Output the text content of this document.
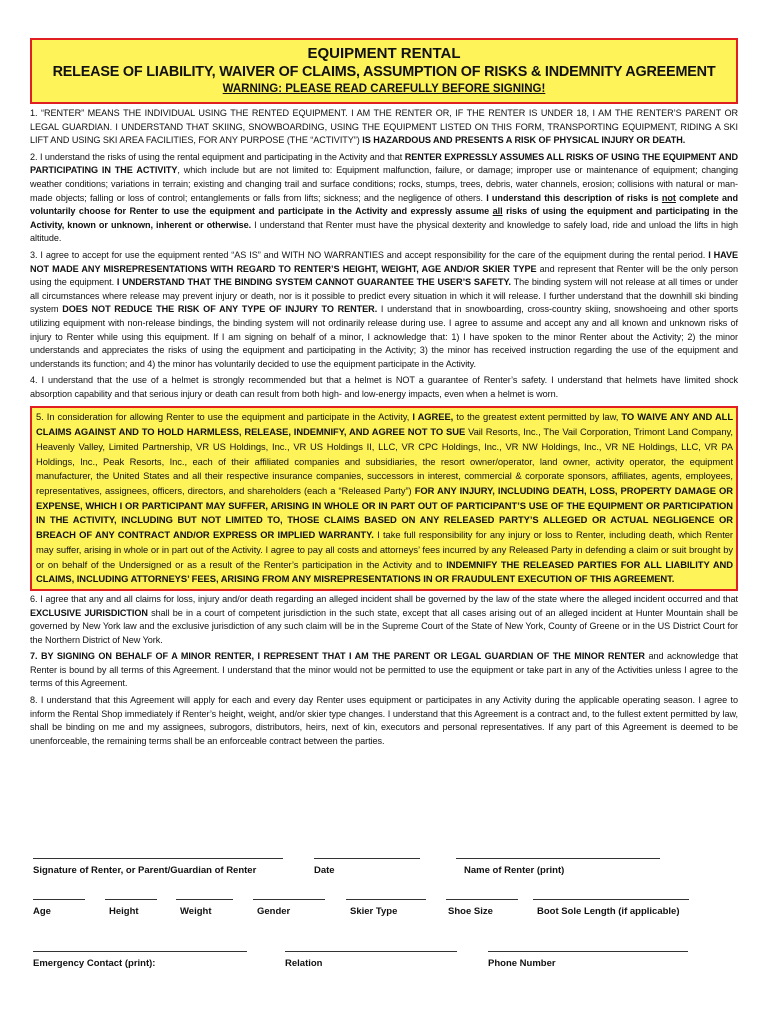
EQUIPMENT RENTAL
RELEASE OF LIABILITY, WAIVER OF CLAIMS, ASSUMPTION OF RISKS & INDEMNITY AGREEMENT
WARNING: PLEASE READ CAREFULLY BEFORE SIGNING!

1. “RENTER” MEANS THE INDIVIDUAL USING THE RENTED EQUIPMENT. I AM THE RENTER OR, IF THE RENTER IS UNDER 18, I AM THE RENTER’S PARENT OR LEGAL GUARDIAN. I UNDERSTAND THAT SKIING, SNOWBOARDING, USING THE EQUIPMENT LISTED ON THIS FORM, TRANSPORTING EQUIPMENT, RIDING A SKI LIFT AND USING SKI AREA FACILITIES, FOR ANY PURPOSE (THE “ACTIVITY”) IS HAZARDOUS AND PRESENTS A RISK OF PHYSICAL INJURY OR DEATH.

2. I understand the risks of using the rental equipment and participating in the Activity and that RENTER EXPRESSLY ASSUMES ALL RISKS OF USING THE EQUIPMENT AND PARTICIPATING IN THE ACTIVITY, which include but are not limited to: Equipment malfunction, failure, or damage; improper use or maintenance of equipment; changing weather conditions; variations in terrain; existing and changing trail and surface conditions; rocks, stumps, trees, debris, water channels, erosion; collisions with natural or man-made objects; falling or loss of control; entanglements or falls from lifts; sickness; and the negligence of others. I understand this description of risks is not complete and voluntarily choose for Renter to use the equipment and participate in the Activity and expressly assume all risks of using the equipment and participating in the Activity, known or unknown, inherent or otherwise. I understand that Renter must have the physical dexterity and knowledge to safely load, ride and unload the lifts in high altitude.

3. I agree to accept for use the equipment rented “AS IS” and WITH NO WARRANTIES and accept responsibility for the care of the equipment during the rental period. I HAVE NOT MADE ANY MISREPRESENTATIONS WITH REGARD TO RENTER’S HEIGHT, WEIGHT, AGE AND/OR SKIER TYPE and represent that Renter will be the only person using the equipment. I UNDERSTAND THAT THE BINDING SYSTEM CANNOT GUARANTEE THE USER’S SAFETY. The binding system will not release at all times or under all circumstances where release may prevent injury or death, nor is it possible to predict every situation in which it will release. I further understand that the downhill ski binding system DOES NOT REDUCE THE RISK OF ANY TYPE OF INJURY TO RENTER. I understand that in snowboarding, cross-country skiing, snowshoeing and other sports utilizing equipment with non-release bindings, the binding system will not ordinarily release during use. I agree to assume and accept any and all known and unknown risks of injury to Renter while using this equipment. If I am signing on behalf of a minor, I acknowledge that: 1) I have spoken to the minor Renter about the Activity; 2) the minor understands and appreciates the risks of using the equipment and participating in the Activity; 3) the minor has received instruction regarding the use of the equipment and understands its function; and 4) the minor has voluntarily decided to use the equipment participate in the Activity.

4. I understand that the use of a helmet is strongly recommended but that a helmet is NOT a guarantee of Renter’s safety. I understand that helmets have limited shock absorption capability and that serious injury or death can result from both high- and low-energy impacts, even when a helmet is worn.

5. In consideration for allowing Renter to use the equipment and participate in the Activity, I AGREE, to the greatest extent permitted by law, TO WAIVE ANY AND ALL CLAIMS AGAINST AND TO HOLD HARMLESS, RELEASE, INDEMNIFY, AND AGREE NOT TO SUE Vail Resorts, Inc., The Vail Corporation, Trimont Land Company, Heavenly Valley, Limited Partnership, VR US Holdings, Inc., VR US Holdings II, LLC, VR CPC Holdings, Inc., VR NW Holdings, Inc., VR NE Holdings, LLC, VR PA Holdings, Inc., Peak Resorts, Inc., each of their affiliated companies and subsidiaries, the resort owner/operator, land owner, activity operator, the equipment manufacturer, the United States and all their respective insurance companies, successors in interest, commercial & corporate sponsors, affiliates, agents, employees, representatives, assignees, officers, directors, and shareholders (each a “Released Party”) FOR ANY INJURY, INCLUDING DEATH, LOSS, PROPERTY DAMAGE OR EXPENSE, WHICH I OR PARTICIPANT MAY SUFFER, ARISING IN WHOLE OR IN PART OUT OF PARTICIPANT’S USE OF THE EQUIPMENT OR PARTICIPATION IN THE ACTIVITY, INCLUDING BUT NOT LIMITED TO, THOSE CLAIMS BASED ON ANY RELEASED PARTY’S ALLEGED OR ACTUAL NEGLIGENCE OR BREACH OF ANY CONTRACT AND/OR EXPRESS OR IMPLIED WARRANTY. I take full responsibility for any injury or loss to Renter, including death, which Renter may suffer, arising in whole or in part out of the Activity. I agree to pay all costs and attorneys’ fees incurred by any Released Party in defending a claim or suit brought by or on behalf of the Undersigned or as a result of the Renter’s participation in the Activity and to INDEMNIFY THE RELEASED PARTIES FOR ALL LIABILITY AND CLAIMS, INCLUDING ATTORNEYS’ FEES, ARISING FROM ANY MISREPRESENTATIONS IN OR FRAUDULENT EXECUTION OF THIS AGREEMENT.

6. I agree that any and all claims for loss, injury and/or death regarding an alleged incident shall be governed by the law of the state where the alleged incident occurred and that EXCLUSIVE JURISDICTION shall be in a court of competent jurisdiction in the such state, except that all cases arising out of an alleged incident at Hunter Mountain shall be governed by New York law and the exclusive jurisdiction of any such claim will be in the Supreme Court of the State of New York, County of Greene or in the US District Court for the Northern District of New York.

7. BY SIGNING ON BEHALF OF A MINOR RENTER, I REPRESENT THAT I AM THE PARENT OR LEGAL GUARDIAN OF THE MINOR RENTER and acknowledge that Renter is bound by all terms of this Agreement. I understand that the minor would not be permitted to use the equipment or take part in any of the Activities unless I agree to the terms of this Agreement.

8. I understand that this Agreement will apply for each and every day Renter uses equipment or participates in any Activity during the applicable operating season. I agree to inform the Rental Shop immediately if Renter’s height, weight, and/or skier type changes. I understand that this Agreement is a contract and, to the fullest extent permitted by law, shall be binding on me and my assignees, subrogors, distributors, heirs, next of kin, executors and personal representatives. If any part of this Agreement is deemed to be unenforceable, the remaining terms shall be an enforceable contract between the parties.

Signature of Renter, or Parent/Guardian of Renter	Date	Name of Renter (print)
Age	Height	Weight	Gender	Skier Type	Shoe Size	Boot Sole Length (if applicable)
Emergency Contact (print):	Relation	Phone Number
